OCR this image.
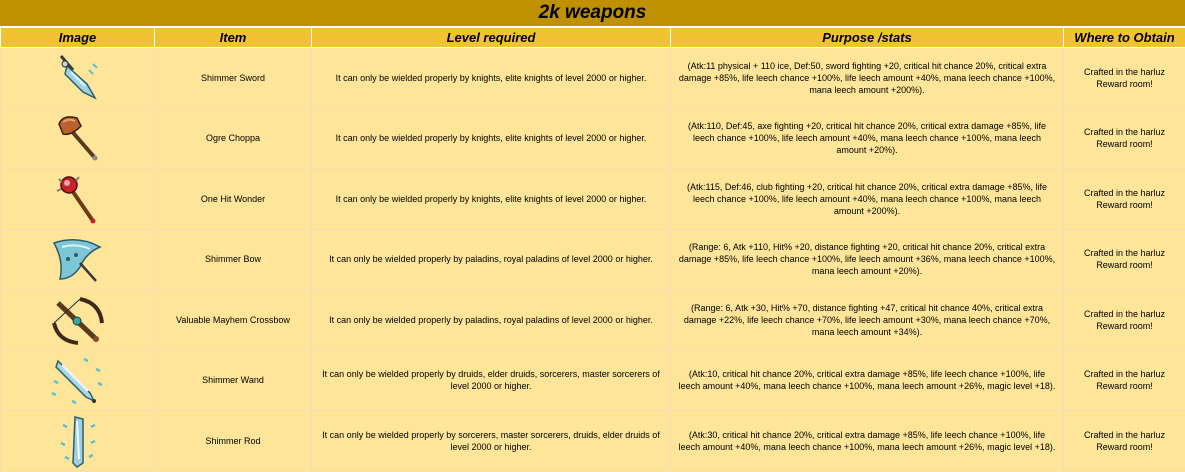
2k weapons
Image	Item	Level required	Purpose /stats	Where to Obtain

	Shimmer Sword	It can only be wielded properly by knights, elite knights of level 2000 or higher.	(Atk:11 physical + 110 ice, Def:50, sword fighting +20, critical hit chance 20%, critical extra damage +85%, life leech chance +100%, life leech amount +40%, mana leech chance +100%, mana leech amount +200%).	Crafted in the harluz Reward room!

	Ogre Choppa	It can only be wielded properly by knights, elite knights of level 2000 or higher.	(Atk:110, Def:45, axe fighting +20, critical hit chance 20%, critical extra damage +85%, life leech chance +100%, life leech amount +40%, mana leech chance +100%, mana leech amount +20%).	Crafted in the harluz Reward room!

	One Hit Wonder	It can only be wielded properly by knights, elite knights of level 2000 or higher.	(Atk:115, Def:46, club fighting +20, critical hit chance 20%, critical extra damage +85%, life leech chance +100%, life leech amount +40%, mana leech chance +100%, mana leech amount +200%).	Crafted in the harluz Reward room!

	Shimmer Bow	It can only be wielded properly by paladins, royal paladins of level 2000 or higher.	(Range: 6, Atk +110, Hit% +20, distance fighting +20, critical hit chance 20%, critical extra damage +85%, life leech chance +100%, life leech amount +36%, mana leech chance +100%, mana leech amount +20%).	Crafted in the harluz Reward room!

	Valuable Mayhem Crossbow	It can only be wielded properly by paladins, royal paladins of level 2000 or higher.	(Range: 6, Atk +30, Hit% +70, distance fighting +47, critical hit chance 40%, critical extra damage +22%, life leech chance +70%, life leech amount +30%, mana leech chance +70%, mana leech amount +34%).	Crafted in the harluz Reward room!

	Shimmer Wand	It can only be wielded properly by druids, elder druids, sorcerers, master sorcerers of level 2000 or higher.	(Atk:10, critical hit chance 20%, critical extra damage +85%, life leech chance +100%, life leech amount +40%, mana leech chance +100%, mana leech amount +26%, magic level +18).	Crafted in the harluz Reward room!

	Shimmer Rod	It can only be wielded properly by sorcerers, master sorcerers, druids, elder druids of level 2000 or higher.	(Atk:30, critical hit chance 20%, critical extra damage +85%, life leech chance +100%, life leech amount +40%, mana leech chance +100%, mana leech amount +26%, magic level +18).	Crafted in the harluz Reward room!
